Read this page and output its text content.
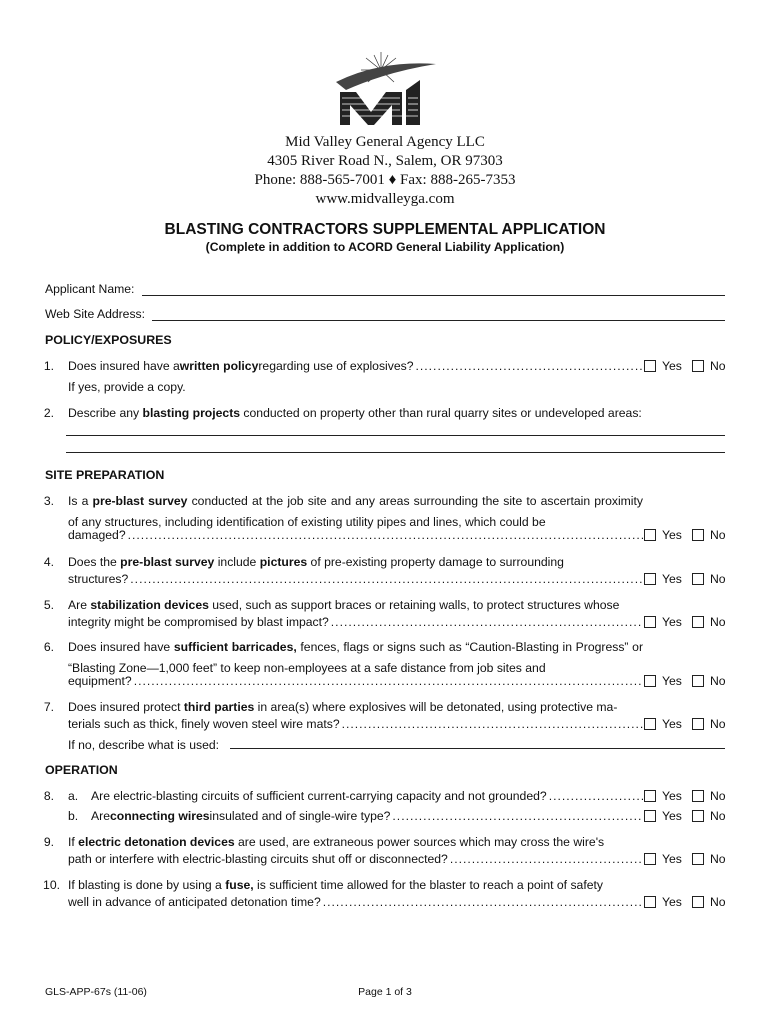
Mid Valley General Agency LLC
4305 River Road N., Salem, OR 97303
Phone: 888-565-7001 ♦ Fax: 888-265-7353
www.midvalleyga.com
BLASTING CONTRACTORS SUPPLEMENTAL APPLICATION
(Complete in addition to ACORD General Liability Application)
Applicant Name:
Web Site Address:
POLICY/EXPOSURES
1. Does insured have a written policy regarding use of explosives? .....	Yes	No
If yes, provide a copy.
2. Describe any blasting projects conducted on property other than rural quarry sites or undeveloped areas:
SITE PREPARATION
3. Is a pre-blast survey conducted at the job site and any areas surrounding the site to ascertain proximity of any structures, including identification of existing utility pipes and lines, which could be
damaged? .....	Yes	No
4. Does the pre-blast survey include pictures of pre-existing property damage to surrounding
structures? .....	Yes	No
5. Are stabilization devices used, such as support braces or retaining walls, to protect structures whose
integrity might be compromised by blast impact? .....	Yes	No
6. Does insured have sufficient barricades, fences, flags or signs such as “Caution-Blasting in Progress” or “Blasting Zone—1,000 feet” to keep non-employees at a safe distance from job sites and
equipment? .....	Yes	No
7. Does insured protect third parties in area(s) where explosives will be detonated, using protective ma-
terials such as thick, finely woven steel wire mats? .....	Yes	No
If no, describe what is used:
OPERATION
8. a. Are electric-blasting circuits of sufficient current-carrying capacity and not grounded? .....	Yes	No
b. Are connecting wires insulated and of single-wire type? .....	Yes	No
9. If electric detonation devices are used, are extraneous power sources which may cross the wire's
path or interfere with electric-blasting circuits shut off or disconnected? .....	Yes	No
10. If blasting is done by using a fuse, is sufficient time allowed for the blaster to reach a point of safety
well in advance of anticipated detonation time? .....	Yes	No
GLS-APP-67s (11-06)	Page 1 of 3
